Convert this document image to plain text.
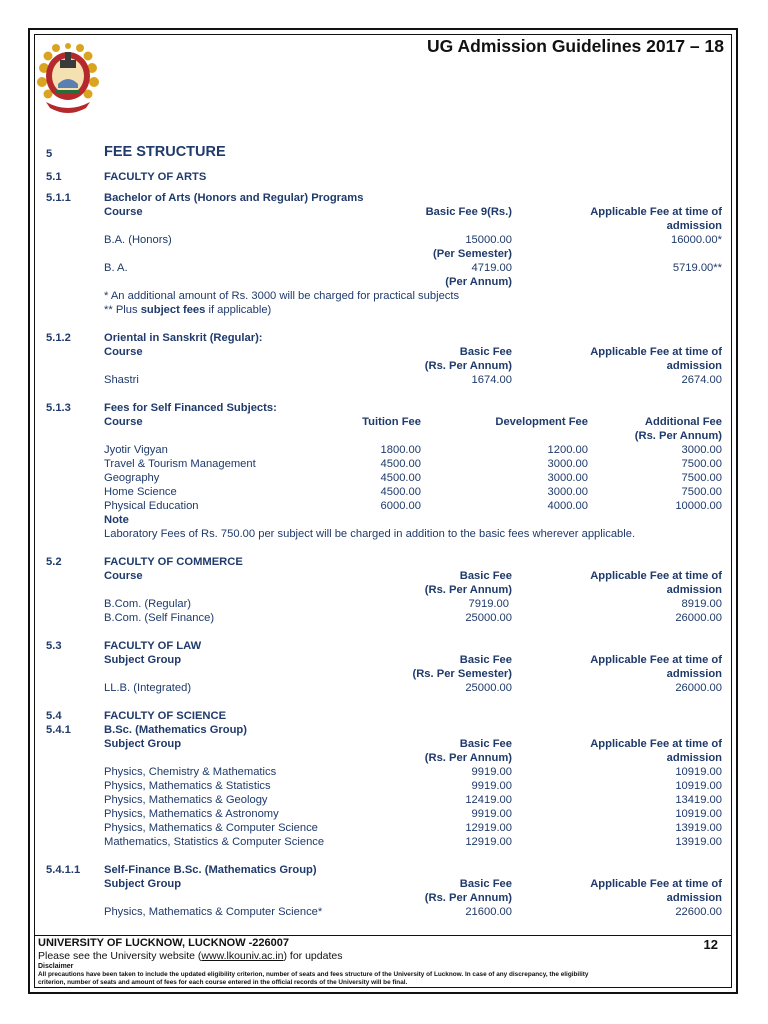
UG Admission Guidelines 2017 – 18
5	FEE STRUCTURE
5.1	FACULTY OF ARTS
5.1.1	Bachelor of Arts (Honors and Regular) Programs
Course	Basic Fee 9(Rs.)	Applicable Fee at time of
admission
B.A. (Honors)	15000.00	16000.00*
(Per Semester)
B. A.	4719.00	5719.00**
(Per Annum)
* An additional amount of Rs. 3000 will be charged for practical subjects
** Plus subject fees if applicable)
5.1.2	Oriental in Sanskrit (Regular):
Course	Basic Fee
(Rs. Per Annum)
Applicable Fee at time of
admission
Shastri	1674.00	2674.00
5.1.3	Fees for Self Financed Subjects:
Course	Tuition Fee	Development Fee	Additional Fee
(Rs. Per Annum)
Jyotir Vigyan	1800.00	1200.00	3000.00
Travel & Tourism Management	4500.00	3000.00	7500.00
Geography	4500.00	3000.00	7500.00
Home Science	4500.00	3000.00	7500.00
Physical Education	6000.00	4000.00	10000.00
Note
Laboratory Fees of Rs. 750.00 per subject will be charged in addition to the basic fees wherever applicable.
5.2	FACULTY OF COMMERCE
Course	Basic Fee
(Rs. Per Annum)
Applicable Fee at time of
admission
B.Com. (Regular)	7919.00	8919.00
B.Com. (Self Finance)	25000.00	26000.00
5.3	FACULTY OF LAW
Subject Group	Basic Fee
(Rs. Per Semester)
Applicable Fee at time of
admission
LL.B. (Integrated)	25000.00	26000.00
5.4	FACULTY OF SCIENCE
5.4.1	B.Sc. (Mathematics Group)
Subject Group	Basic Fee
(Rs. Per Annum)
Applicable Fee at time of
admission
Physics, Chemistry & Mathematics	9919.00	10919.00
Physics, Mathematics & Statistics	9919.00	10919.00
Physics, Mathematics & Geology	12419.00	13419.00
Physics, Mathematics & Astronomy	9919.00	10919.00
Physics, Mathematics & Computer Science	12919.00	13919.00
Mathematics, Statistics & Computer Science	12919.00	13919.00
5.4.1.1 Self-Finance B.Sc. (Mathematics Group)
Subject Group	Basic Fee
(Rs. Per Annum)
Applicable Fee at time of
admission
Physics, Mathematics & Computer Science*	21600.00	22600.00
UNIVERSITY OF LUCKNOW, LUCKNOW -226007	12
Please see the University website (www.lkouniv.ac.in) for updates
Disclaimer
All precautions have been taken to include the updated eligibility criterion, number of seats and fees structure of the University of Lucknow. In case of any discrepancy, the eligibility
criterion, number of seats and amount of fees for each course entered in the official records of the University will be final.
